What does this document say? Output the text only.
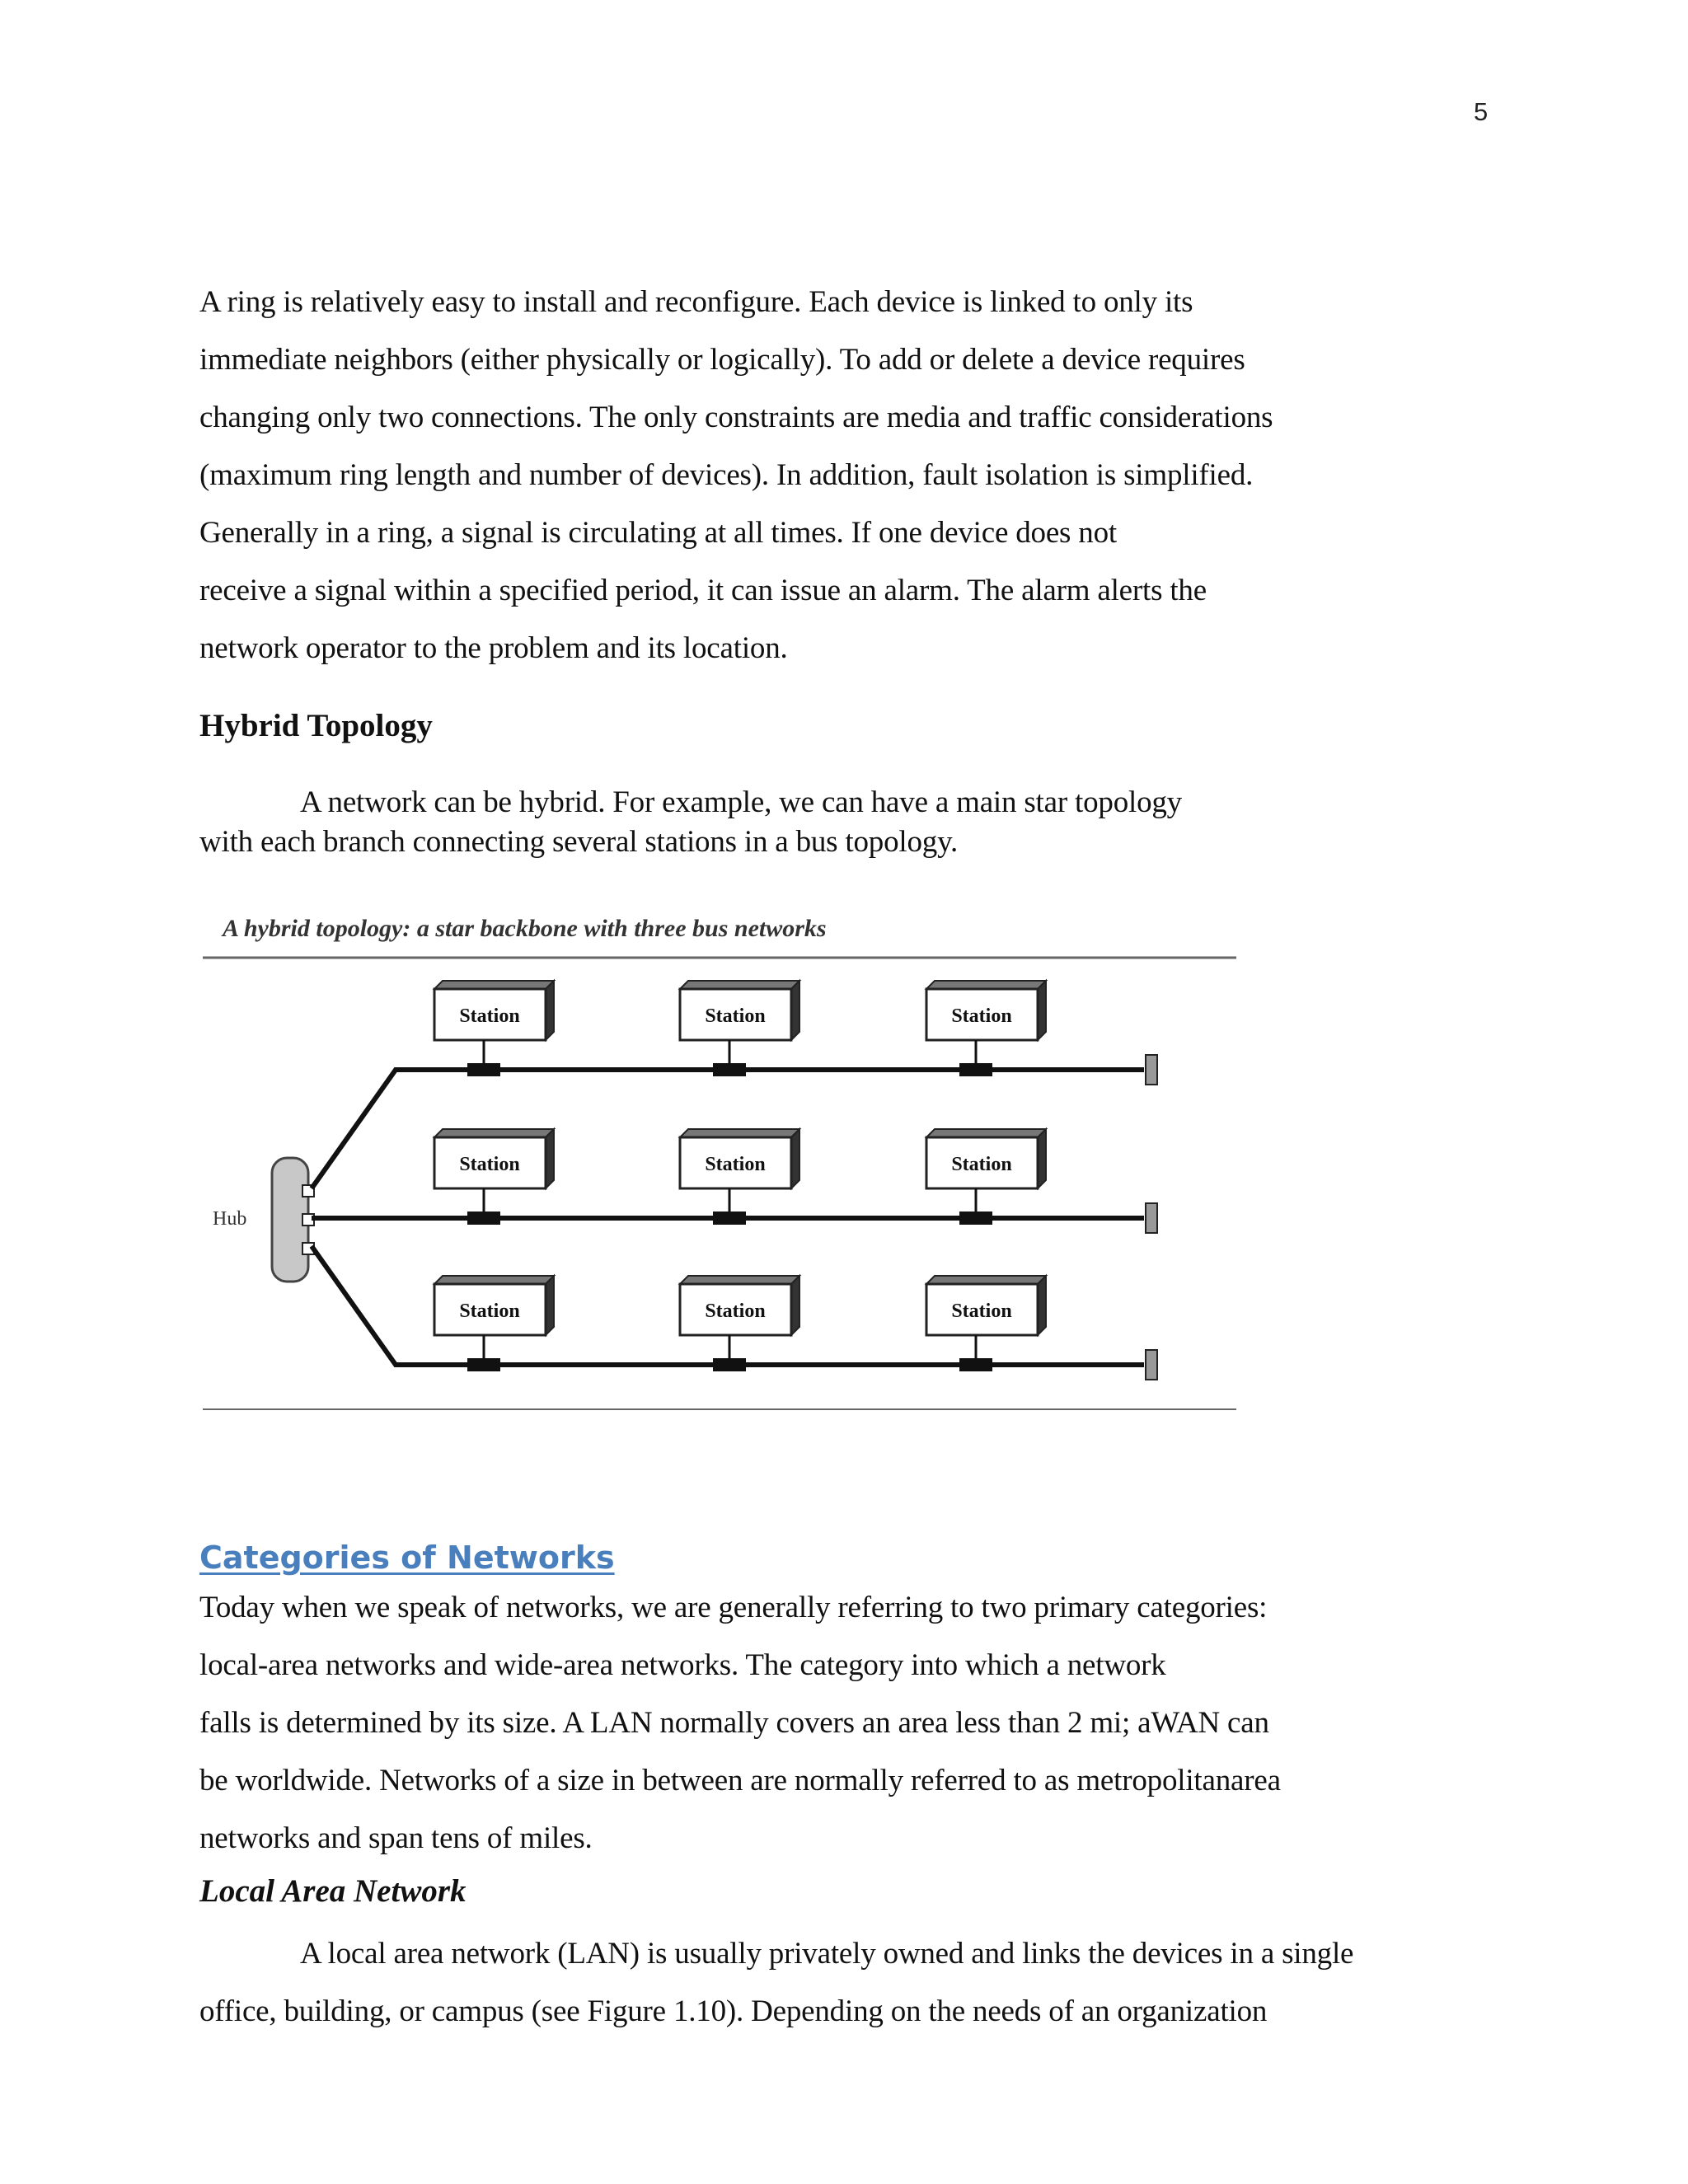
5
A ring is relatively easy to install and reconfigure. Each device is linked to only its
immediate neighbors (either physically or logically). To add or delete a device requires
changing only two connections. The only constraints are media and traffic considerations
(maximum ring length and number of devices). In addition, fault isolation is simplified.
Generally in a ring, a signal is circulating at all times. If one device does not
receive a signal within a specified period, it can issue an alarm. The alarm alerts the
network operator to the problem and its location.
Hybrid Topology
A network can be hybrid. For example, we can have a main star topology
with each branch connecting several stations in a bus topology.
A hybrid topology: a star backbone with three bus networks
Hub
Station	Station	Station
Station	Station	Station
Station	Station	Station
Categories of Networks
Today when we speak of networks, we are generally referring to two primary categories:
local-area networks and wide-area networks. The category into which a network
falls is determined by its size. A LAN normally covers an area less than 2 mi; aWAN can
be worldwide. Networks of a size in between are normally referred to as metropolitanarea
networks and span tens of miles.
Local Area Network
A local area network (LAN) is usually privately owned and links the devices in a single
office, building, or campus (see Figure 1.10). Depending on the needs of an organization
